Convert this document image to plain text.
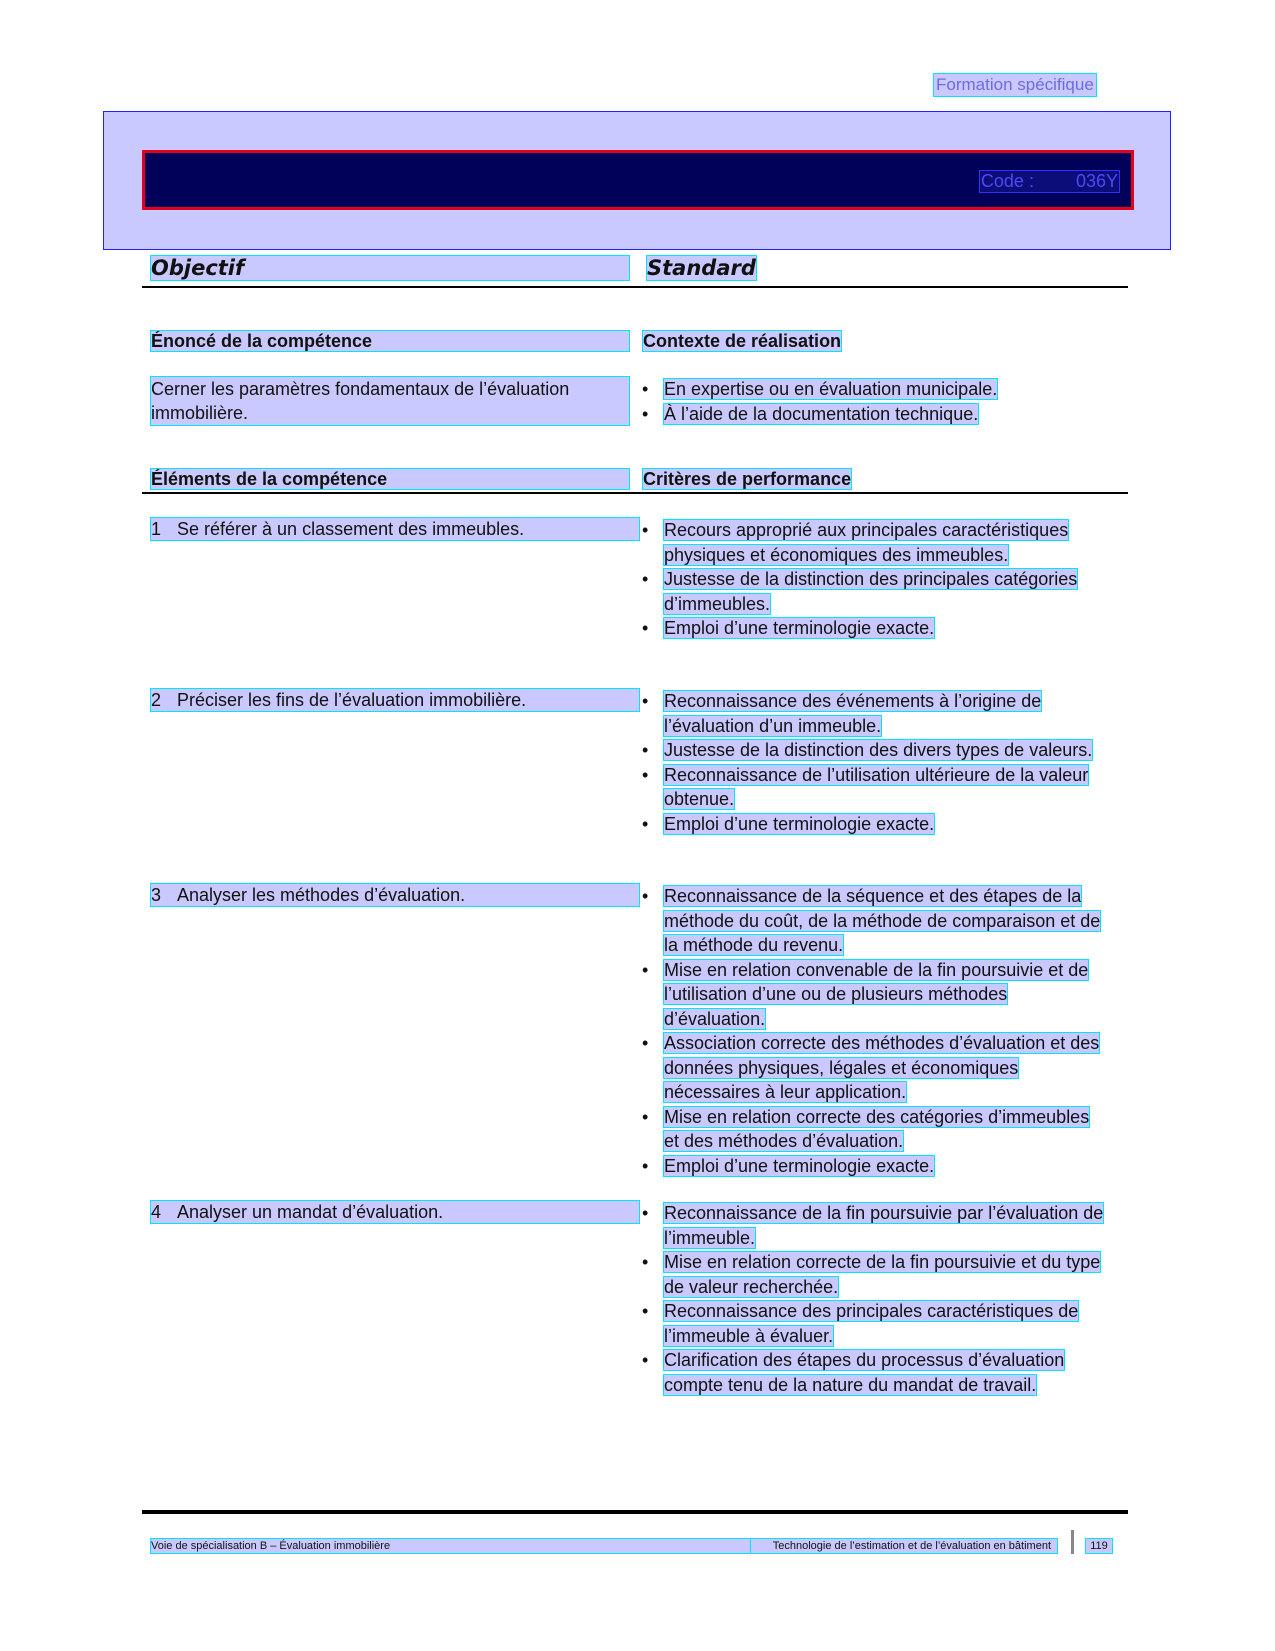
Formation spécifique
Code : 036Y
Objectif	Standard
Énoncé de la compétence	Contexte de réalisation
Cerner les paramètres fondamentaux de l’évaluation immobilière.
• En expertise ou en évaluation municipale.
• À l’aide de la documentation technique.
Éléments de la compétence	Critères de performance
1 Se référer à un classement des immeubles.	• Recours approprié aux principales caractéristiques physiques et économiques des immeubles.
• Justesse de la distinction des principales catégories d’immeubles.
• Emploi d’une terminologie exacte.
2 Préciser les fins de l’évaluation immobilière.	• Reconnaissance des événements à l’origine de l’évaluation d’un immeuble.
• Justesse de la distinction des divers types de valeurs.
• Reconnaissance de l’utilisation ultérieure de la valeur obtenue.
• Emploi d’une terminologie exacte.
3 Analyser les méthodes d’évaluation.	• Reconnaissance de la séquence et des étapes de la méthode du coût, de la méthode de comparaison et de la méthode du revenu.
• Mise en relation convenable de la fin poursuivie et de l’utilisation d’une ou de plusieurs méthodes d’évaluation.
• Association correcte des méthodes d’évaluation et des données physiques, légales et économiques nécessaires à leur application.
• Mise en relation correcte des catégories d’immeubles et des méthodes d’évaluation.
• Emploi d’une terminologie exacte.
4 Analyser un mandat d’évaluation.	• Reconnaissance de la fin poursuivie par l’évaluation de l’immeuble.
• Mise en relation correcte de la fin poursuivie et du type de valeur recherchée.
• Reconnaissance des principales caractéristiques de l’immeuble à évaluer.
• Clarification des étapes du processus d’évaluation compte tenu de la nature du mandat de travail.
Voie de spécialisation B – Évaluation immobilière	Technologie de l’estimation et de l’évaluation en bâtiment	119
